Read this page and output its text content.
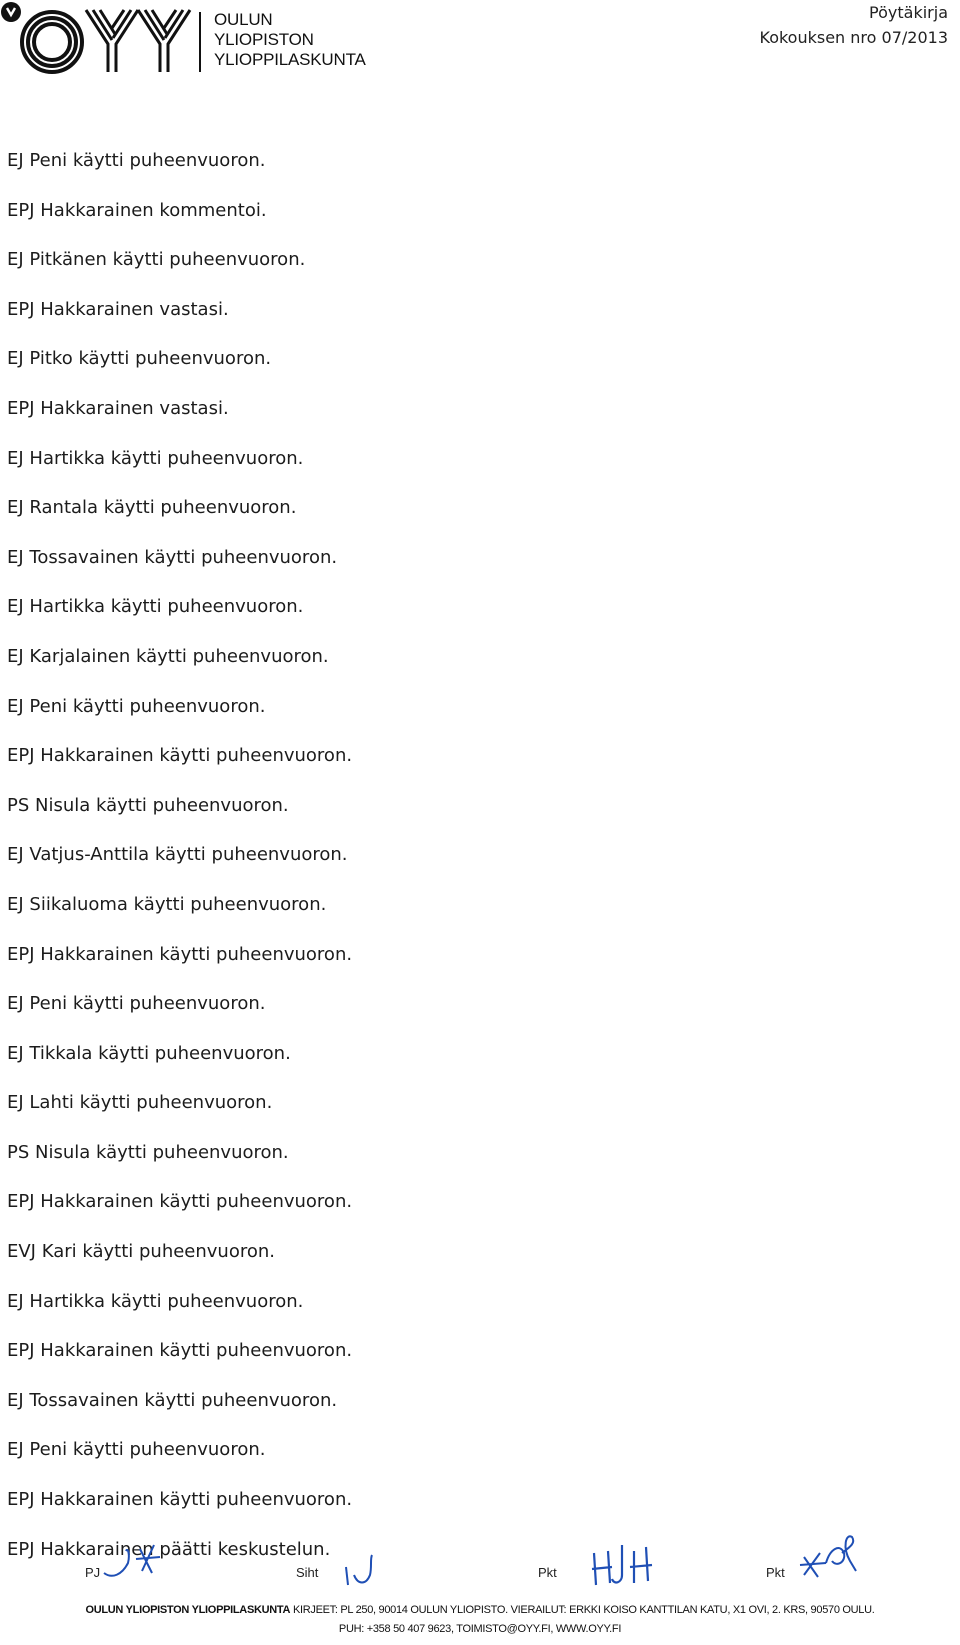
OULUN
YLIOPISTON
YLIOPPILASKUNTA
Pöytäkirja
Kokouksen nro 07/2013
EJ Peni käytti puheenvuoron.
EPJ Hakkarainen kommentoi.
EJ Pitkänen käytti puheenvuoron.
EPJ Hakkarainen vastasi.
EJ Pitko käytti puheenvuoron.
EPJ Hakkarainen vastasi.
EJ Hartikka käytti puheenvuoron.
EJ Rantala käytti puheenvuoron.
EJ Tossavainen käytti puheenvuoron.
EJ Hartikka käytti puheenvuoron.
EJ Karjalainen käytti puheenvuoron.
EJ Peni käytti puheenvuoron.
EPJ Hakkarainen käytti puheenvuoron.
PS Nisula käytti puheenvuoron.
EJ Vatjus-Anttila käytti puheenvuoron.
EJ Siikaluoma käytti puheenvuoron.
EPJ Hakkarainen käytti puheenvuoron.
EJ Peni käytti puheenvuoron.
EJ Tikkala käytti puheenvuoron.
EJ Lahti käytti puheenvuoron.
PS Nisula käytti puheenvuoron.
EPJ Hakkarainen käytti puheenvuoron.
EVJ Kari käytti puheenvuoron.
EJ Hartikka käytti puheenvuoron.
EPJ Hakkarainen käytti puheenvuoron.
EJ Tossavainen käytti puheenvuoron.
EJ Peni käytti puheenvuoron.
EPJ Hakkarainen käytti puheenvuoron.
EPJ Hakkarainen päätti keskustelun.
PJ	Siht	Pkt	Pkt
OULUN YLIOPISTON YLIOPPILASKUNTA KIRJEET: PL 250, 90014 OULUN YLIOPISTO. VIERAILUT: ERKKI KOISO KANTTILAN KATU, X1 OVI, 2. KRS, 90570 OULU.
PUH: +358 50 407 9623, TOIMISTO@OYY.FI, WWW.OYY.FI
